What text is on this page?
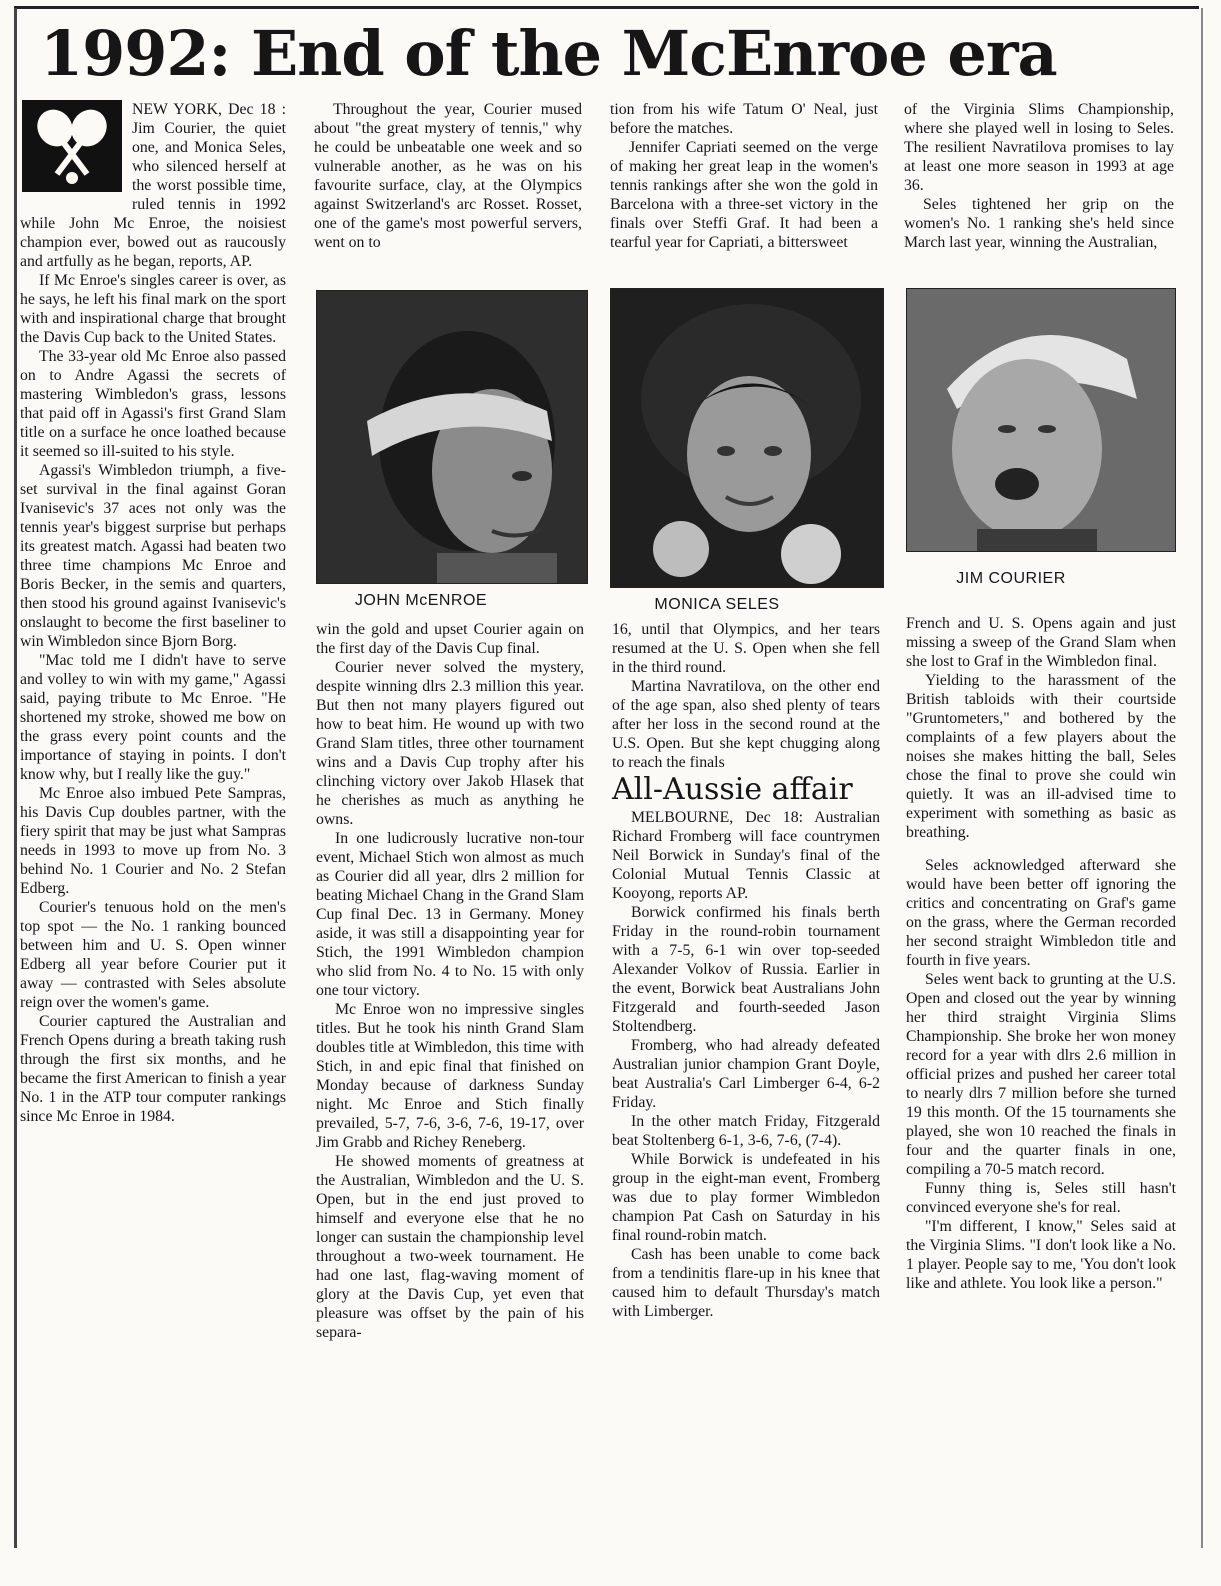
1992: End of the McEnroe era

NEW YORK, Dec 18 : Jim Courier, the quiet one, and Monica Seles, who silenced herself at the worst possible time, ruled tennis in 1992 while John Mc Enroe, the noisiest champion ever, bowed out as raucously and artfully as he began, reports, AP.

If Mc Enroe's singles career is over, as he says, he left his final mark on the sport with and inspirational charge that brought the Davis Cup back to the United States.

The 33-year old Mc Enroe also passed on to Andre Agassi the secrets of mastering Wimbledon's grass, lessons that paid off in Agassi's first Grand Slam title on a surface he once loathed because it seemed so ill-suited to his style.

Agassi's Wimbledon triumph, a five-set survival in the final against Goran Ivanisevic's 37 aces not only was the tennis year's biggest surprise but perhaps its greatest match. Agassi had beaten two three time champions Mc Enroe and Boris Becker, in the semis and quarters, then stood his ground against Ivanisevic's onslaught to become the first baseliner to win Wimbledon since Bjorn Borg.

"Mac told me I didn't have to serve and volley to win with my game," Agassi said, paying tribute to Mc Enroe. "He shortened my stroke, showed me bow on the grass every point counts and the importance of staying in points. I don't know why, but I really like the guy."

Mc Enroe also imbued Pete Sampras, his Davis Cup doubles partner, with the fiery spirit that may be just what Sampras needs in 1993 to move up from No. 3 behind No. 1 Courier and No. 2 Stefan Edberg.

Courier's tenuous hold on the men's top spot — the No. 1 ranking bounced between him and U. S. Open winner Edberg all year before Courier put it away — contrasted with Seles absolute reign over the women's game.

Courier captured the Australian and French Opens during a breath taking rush through the first six months, and he became the first American to finish a year No. 1 in the ATP tour computer rankings since Mc Enroe in 1984.

Throughout the year, Courier mused about "the great mystery of tennis," why he could be unbeatable one week and so vulnerable another, as he was on his favourite surface, clay, at the Olympics against Switzerland's arc Rosset. Rosset, one of the game's most powerful servers, went on to

JOHN McENROE

win the gold and upset Courier again on the first day of the Davis Cup final.

Courier never solved the mystery, despite winning dlrs 2.3 million this year. But then not many players figured out how to beat him. He wound up with two Grand Slam titles, three other tournament wins and a Davis Cup trophy after his clinching victory over Jakob Hlasek that he cherishes as much as anything he owns.

In one ludicrously lucrative non-tour event, Michael Stich won almost as much as Courier did all year, dlrs 2 million for beating Michael Chang in the Grand Slam Cup final Dec. 13 in Germany. Money aside, it was still a disappointing year for Stich, the 1991 Wimbledon champion who slid from No. 4 to No. 15 with only one tour victory.

Mc Enroe won no impressive singles titles. But he took his ninth Grand Slam doubles title at Wimbledon, this time with Stich, in and epic final that finished on Monday because of darkness Sunday night. Mc Enroe and Stich finally prevailed, 5-7, 7-6, 3-6, 7-6, 19-17, over Jim Grabb and Richey Reneberg.

He showed moments of greatness at the Australian, Wimbledon and the U. S. Open, but in the end just proved to himself and everyone else that he no longer can sustain the championship level throughout a two-week tournament. He had one last, flag-waving moment of glory at the Davis Cup, yet even that pleasure was offset by the pain of his separa-

tion from his wife Tatum O' Neal, just before the matches.

Jennifer Capriati seemed on the verge of making her great leap in the women's tennis rankings after she won the gold in Barcelona with a three-set victory in the finals over Steffi Graf. It had been a tearful year for Capriati, a bittersweet

MONICA SELES

16, until that Olympics, and her tears resumed at the U. S. Open when she fell in the third round.

Martina Navratilova, on the other end of the age span, also shed plenty of tears after her loss in the second round at the U.S. Open. But she kept chugging along to reach the finals

All-Aussie affair

MELBOURNE, Dec 18: Australian Richard Fromberg will face countrymen Neil Borwick in Sunday's final of the Colonial Mutual Tennis Classic at Kooyong, reports AP.

Borwick confirmed his finals berth Friday in the round-robin tournament with a 7-5, 6-1 win over top-seeded Alexander Volkov of Russia. Earlier in the event, Borwick beat Australians John Fitzgerald and fourth-seeded Jason Stoltendberg.

Fromberg, who had already defeated Australian junior champion Grant Doyle, beat Australia's Carl Limberger 6-4, 6-2 Friday.

In the other match Friday, Fitzgerald beat Stoltenberg 6-1, 3-6, 7-6, (7-4).

While Borwick is undefeated in his group in the eight-man event, Fromberg was due to play former Wimbledon champion Pat Cash on Saturday in his final round-robin match.

Cash has been unable to come back from a tendinitis flare-up in his knee that caused him to default Thursday's match with Limberger.

of the Virginia Slims Championship, where she played well in losing to Seles. The resilient Navratilova promises to lay at least one more season in 1993 at age 36.

Seles tightened her grip on the women's No. 1 ranking she's held since March last year, winning the Australian,

JIM COURIER

French and U. S. Opens again and just missing a sweep of the Grand Slam when she lost to Graf in the Wimbledon final.

Yielding to the harassment of the British tabloids with their courtside "Gruntometers," and bothered by the complaints of a few players about the noises she makes hitting the ball, Seles chose the final to prove she could win quietly. It was an ill-advised time to experiment with something as basic as breathing.

Seles acknowledged afterward she would have been better off ignoring the critics and concentrating on Graf's game on the grass, where the German recorded her second straight Wimbledon title and fourth in five years.

Seles went back to grunting at the U.S. Open and closed out the year by winning her third straight Virginia Slims Championship. She broke her won money record for a year with dlrs 2.6 million in official prizes and pushed her career total to nearly dlrs 7 million before she turned 19 this month. Of the 15 tournaments she played, she won 10 reached the finals in four and the quarter finals in one, compiling a 70-5 match record.

Funny thing is, Seles still hasn't convinced everyone she's for real.

"I'm different, I know," Seles said at the Virginia Slims. "I don't look like a No. 1 player. People say to me, 'You don't look like and athlete. You look like a person."
